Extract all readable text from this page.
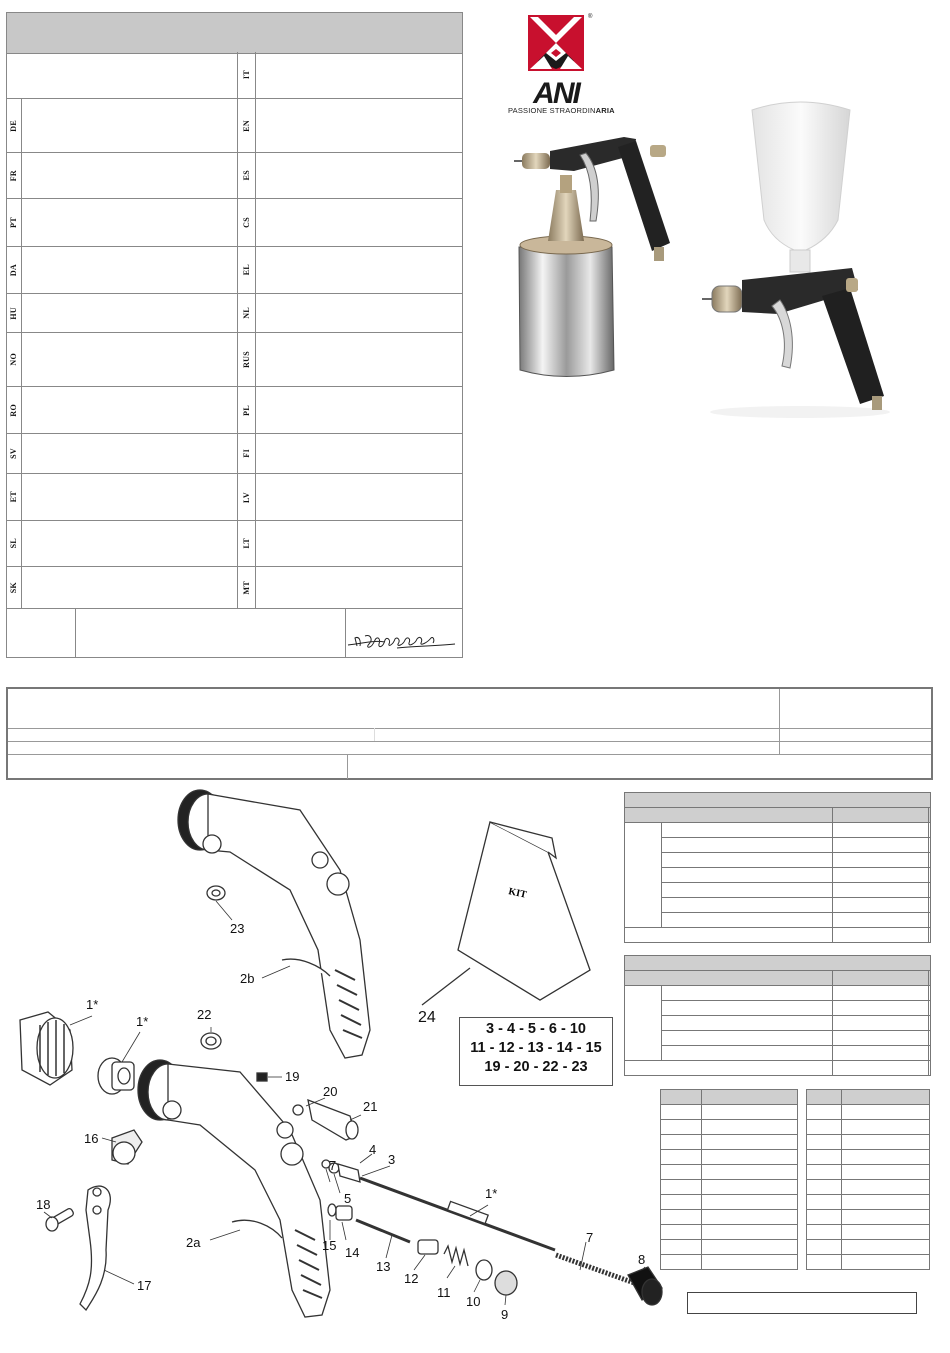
IT
DE	EN
FR	ES
PT	CS
DA	EL
HU	NL
NO	RUS
RO	PL
SV	FI
ET	LV
SL	LT
SK	MT
®
ANI
PASSIONE STRAORDINARIA

KIT
23
2b
24
1*
1*	22
19
20
21
16
4
3
7
5	1*
18
7
15 14
2a
13
12
11
10
8
9
17
3 - 4 - 5 - 6 - 10
11 - 12 - 13 - 14 - 15
19 - 20 - 22 - 23
